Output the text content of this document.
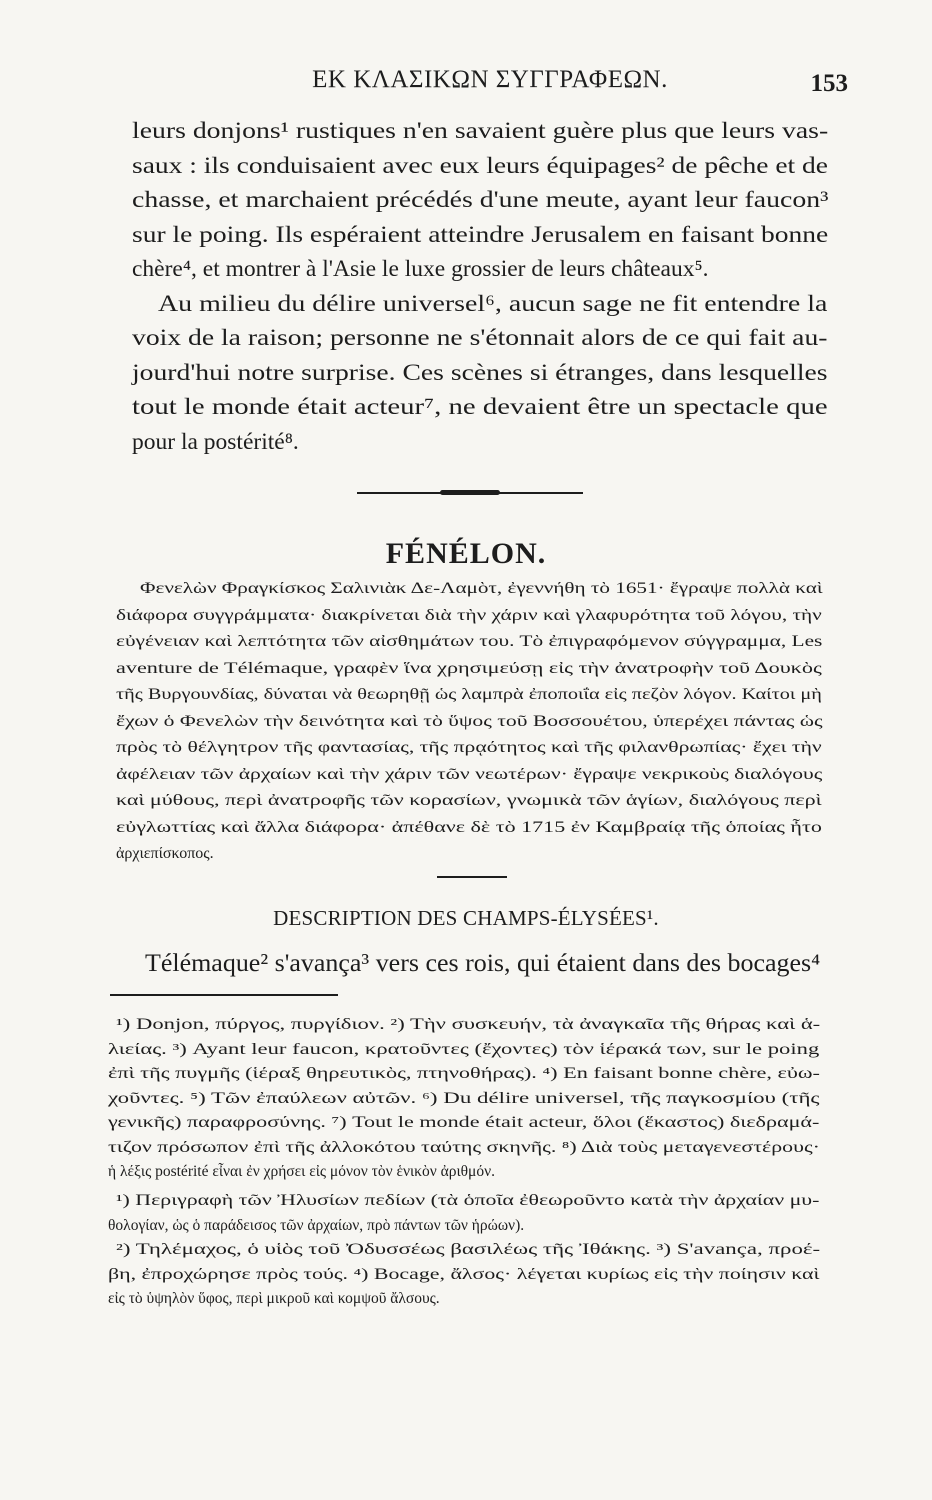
ΕΚ ΚΛΑΣΙΚΩΝ ΣΥΓΓΡΑΦΕΩΝ.	153
leurs donjons¹ rustiques n'en savaient guère plus que leurs vas-
saux : ils conduisaient avec eux leurs équipages² de pêche et de
chasse, et marchaient précédés d'une meute, ayant leur faucon³
sur le poing. Ils espéraient atteindre Jerusalem en faisant bonne
chère⁴, et montrer à l'Asie le luxe grossier de leurs châteaux⁵.
Au milieu du délire universel⁶, aucun sage ne fit entendre la
voix de la raison; personne ne s'étonnait alors de ce qui fait au-
jourd'hui notre surprise. Ces scènes si étranges, dans lesquelles
tout le monde était acteur⁷, ne devaient être un spectacle que
pour la postérité⁸.
FÉNÉLON.
Φενελὼν Φραγκίσκος Σαλινιὰκ Δε-Λαμὸτ, ἐγεννήθη τὸ 1651· ἔγραψε πολλὰ καὶ
διάφορα συγγράμματα· διακρίνεται διὰ τὴν χάριν καὶ γλαφυρότητα τοῦ λόγου, τὴν
εὐγένειαν καὶ λεπτότητα τῶν αἰσθημάτων του. Τὸ ἐπιγραφόμενον σύγγραμμα, Les
aventure de Télémaque, γραφὲν ἵνα χρησιμεύσῃ εἰς τὴν ἀνατροφὴν τοῦ Δουκὸς
τῆς Βυργουνδίας, δύναται νὰ θεωρηθῇ ὡς λαμπρὰ ἐποποιΐα εἰς πεζὸν λόγον. Καίτοι μὴ
ἔχων ὁ Φενελὼν τὴν δεινότητα καὶ τὸ ὕψος τοῦ Βοσσουέτου, ὑπερέχει πάντας ὡς
πρὸς τὸ θέλγητρον τῆς φαντασίας, τῆς πρᾳότητος καὶ τῆς φιλανθρωπίας· ἔχει τὴν
ἀφέλειαν τῶν ἀρχαίων καὶ τὴν χάριν τῶν νεωτέρων· ἔγραψε νεκρικοὺς διαλόγους
καὶ μύθους, περὶ ἀνατροφῆς τῶν κορασίων, γνωμικὰ τῶν ἁγίων, διαλόγους περὶ
εὐγλωττίας καὶ ἄλλα διάφορα· ἀπέθανε δὲ τὸ 1715 ἐν Καμβραίᾳ τῆς ὁποίας ἦτο
ἀρχιεπίσκοπος.
DESCRIPTION DES CHAMPS-ÉLYSÉES¹.
Télémaque² s'avança³ vers ces rois, qui étaient dans des bocages⁴
¹) Donjon, πύργος, πυργίδιον. ²) Τὴν συσκευήν, τὰ ἀναγκαῖα τῆς θήρας καὶ ἁ-
λιείας. ³) Ayant leur faucon, κρατοῦντες (ἔχοντες) τὸν ἱέρακά των, sur le poing
ἐπὶ τῆς πυγμῆς (ἱέραξ θηρευτικὸς, πτηνοθήρας). ⁴) En faisant bonne chère, εὐω-
χοῦντες. ⁵) Τῶν ἐπαύλεων αὐτῶν. ⁶) Du délire universel, τῆς παγκοσμίου (τῆς
γενικῆς) παραφροσύνης. ⁷) Tout le monde était acteur, ὅλοι (ἕκαστος) διεδραμά-
τιζον πρόσωπον ἐπὶ τῆς ἀλλοκότου ταύτης σκηνῆς. ⁸) Διὰ τοὺς μεταγενεστέρους·
ἡ λέξις postérité εἶναι ἐν χρήσει εἰς μόνον τὸν ἑνικὸν ἀριθμόν.
¹) Περιγραφὴ τῶν Ἠλυσίων πεδίων (τὰ ὁποῖα ἐθεωροῦντο κατὰ τὴν ἀρχαίαν μυ-
θολογίαν, ὡς ὁ παράδεισος τῶν ἀρχαίων, πρὸ πάντων τῶν ἡρώων).
²) Τηλέμαχος, ὁ υἱὸς τοῦ Ὀδυσσέως βασιλέως τῆς Ἰθάκης. ³) S'avança, προέ-
βη, ἐπροχώρησε πρὸς τούς. ⁴) Bocage, ἄλσος· λέγεται κυρίως εἰς τὴν ποίησιν καὶ
εἰς τὸ ὑψηλὸν ὕφος, περὶ μικροῦ καὶ κομψοῦ ἄλσους.
